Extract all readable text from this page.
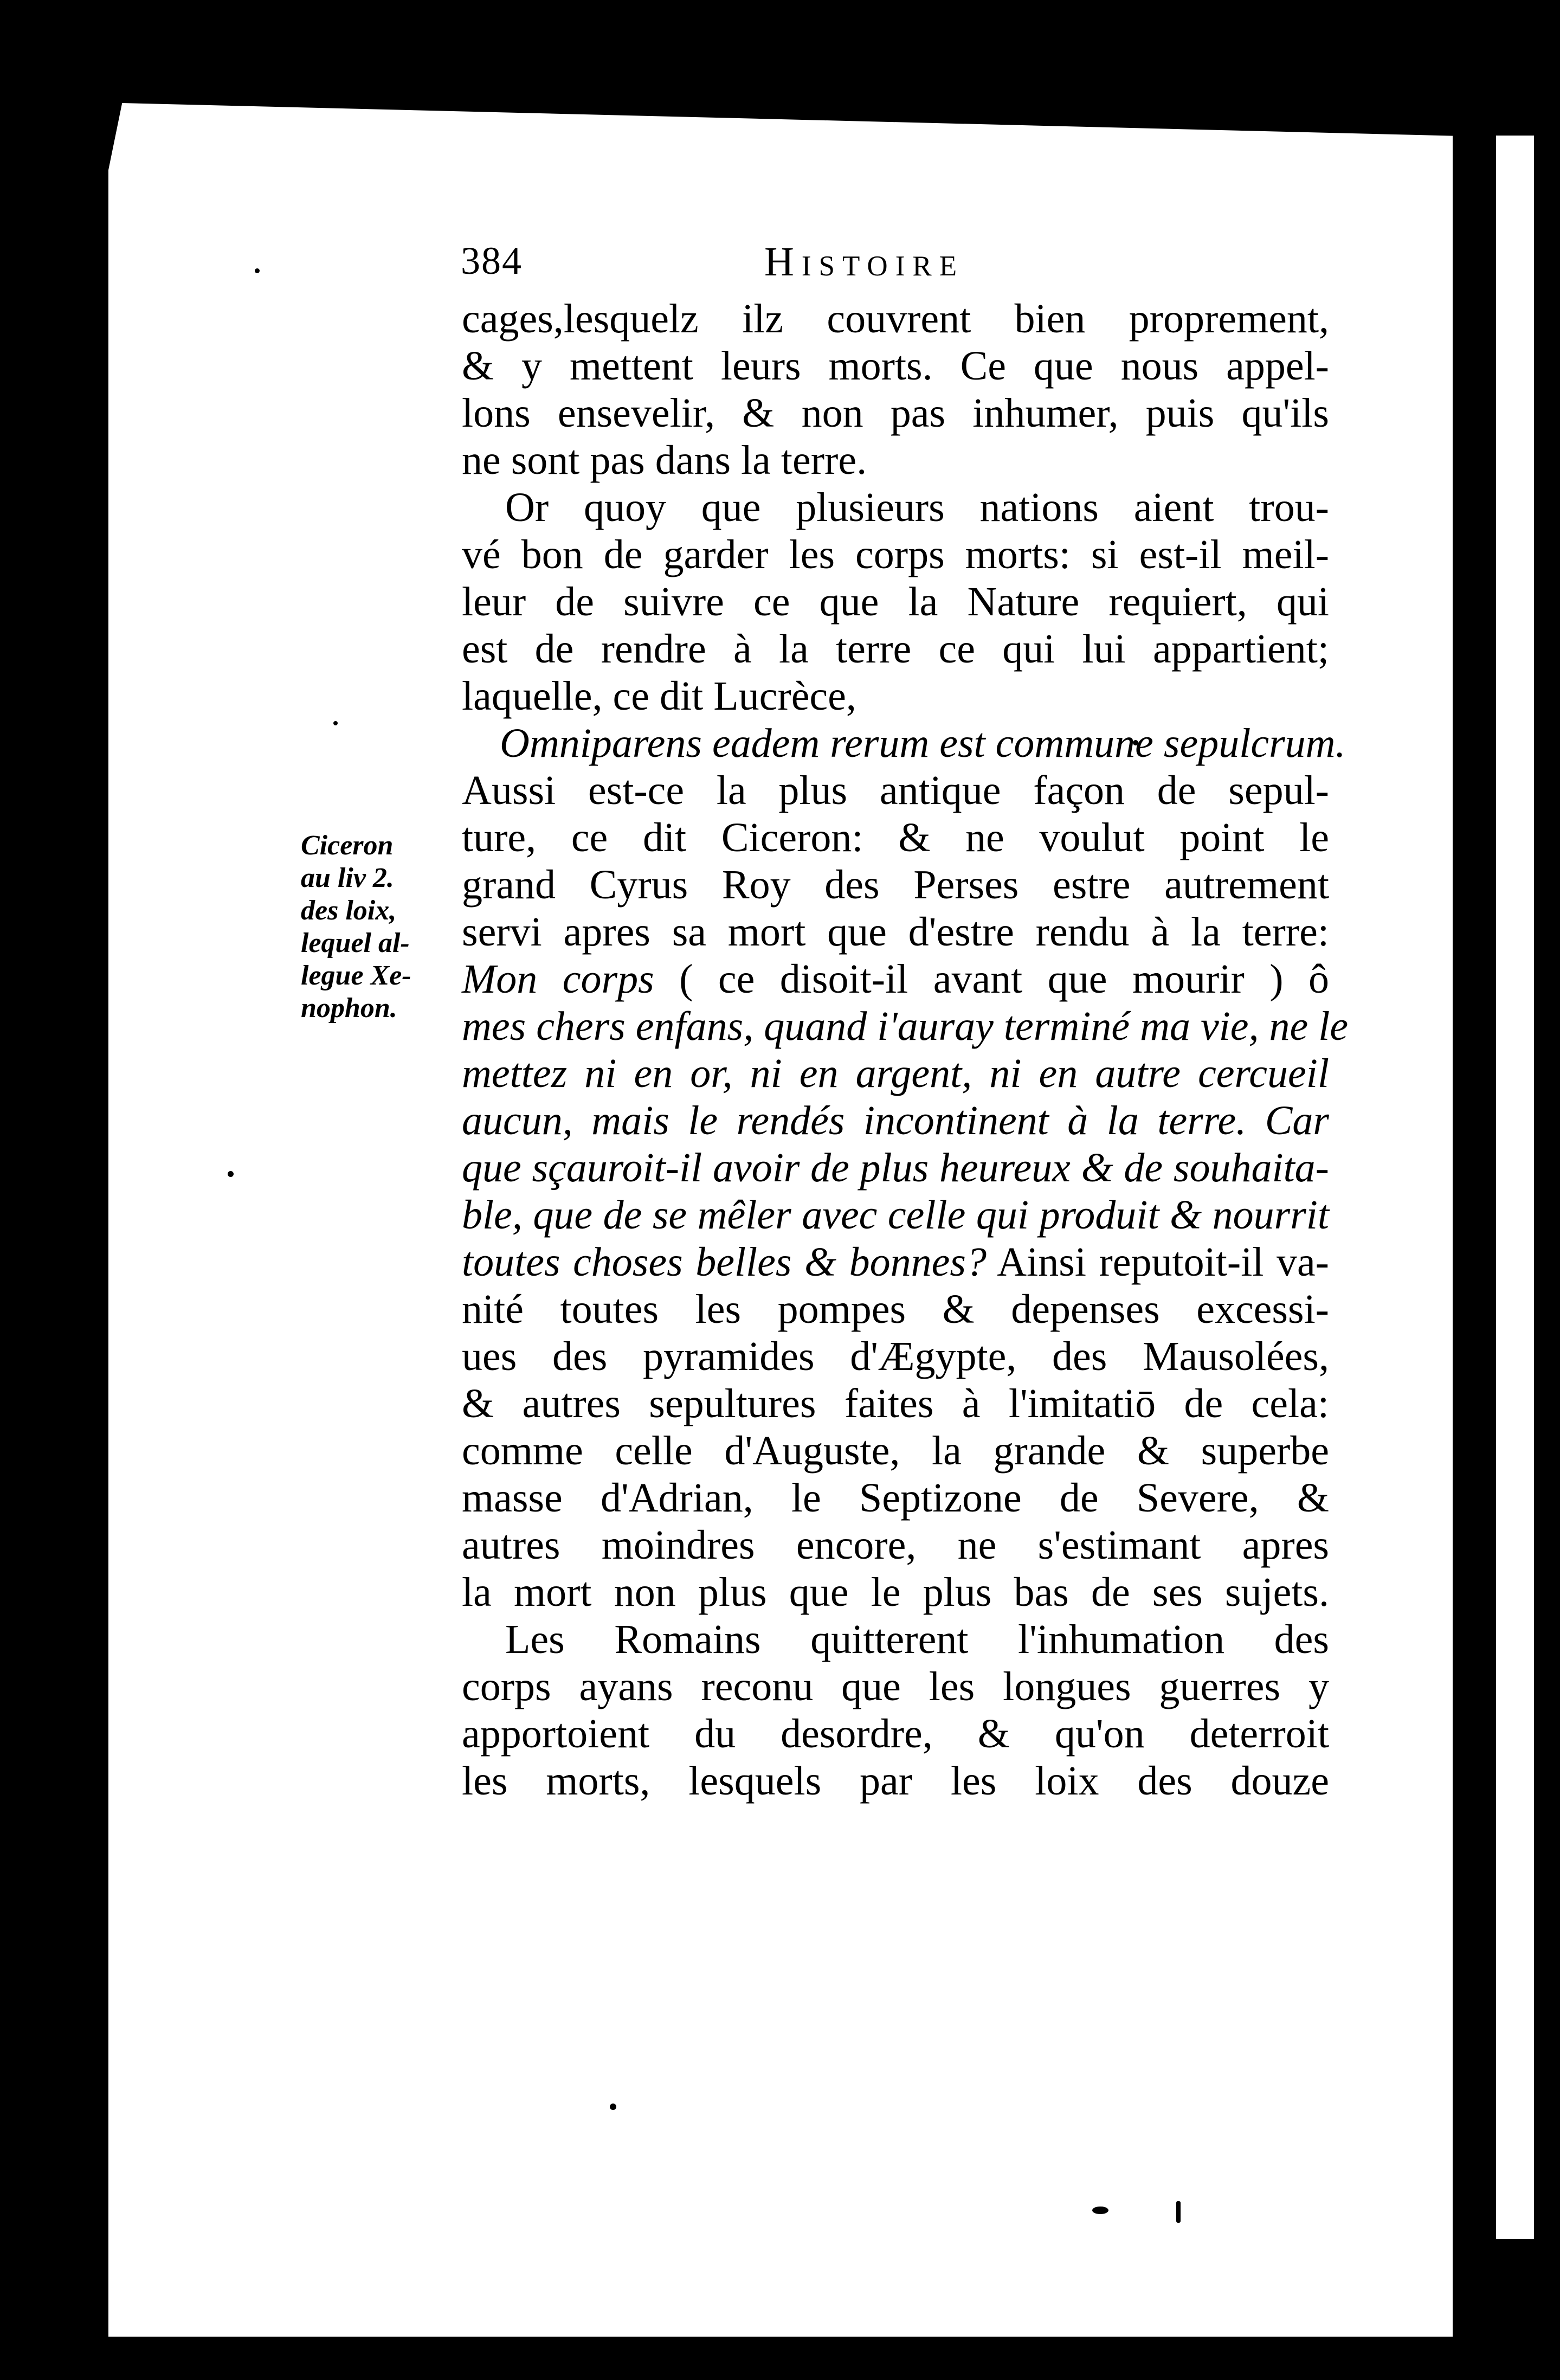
384	Histoire
cages,lesquelz ilz couvrent bien proprement,
& y mettent leurs morts. Ce que nous appel-
lons ensevelir, & non pas inhumer, puis qu'ils
ne sont pas dans la terre.
Or quoy que plusieurs nations aient trou-
vé bon de garder les corps morts: si est-il meil-
leur de suivre ce que la Nature requiert, qui
est de rendre à la terre ce qui lui appartient;
laquelle, ce dit Lucrèce,
Omniparens eadem rerum est commune sepulcrum.
Aussi est-ce la plus antique façon de sepul-
ture, ce dit Ciceron: & ne voulut point le
grand Cyrus Roy des Perses estre autrement
servi apres sa mort que d'estre rendu à la terre:
Mon corps ( ce disoit-il avant que mourir ) ô
mes chers enfans, quand i'auray terminé ma vie, ne le
mettez ni en or, ni en argent, ni en autre cercueil
aucun, mais le rendés incontinent à la terre. Car
que sçauroit-il avoir de plus heureux & de souhaita-
ble, que de se mêler avec celle qui produit & nourrit
toutes choses belles & bonnes? Ainsi reputoit-il va-
nité toutes les pompes & depenses excessi-
ues des pyramides d'Ægypte, des Mausolées,
& autres sepultures faites à l'imitatiō de cela:
comme celle d'Auguste, la grande & superbe
masse d'Adrian, le Septizone de Severe, &
autres moindres encore, ne s'estimant apres
la mort non plus que le plus bas de ses sujets.
Les Romains quitterent l'inhumation des
corps ayans reconu que les longues guerres y
apportoient du desordre, & qu'on deterroit
les morts, lesquels par les loix des douze
Ciceron
au liv 2.
des loix,
lequel al-
legue Xe-
nophon.
